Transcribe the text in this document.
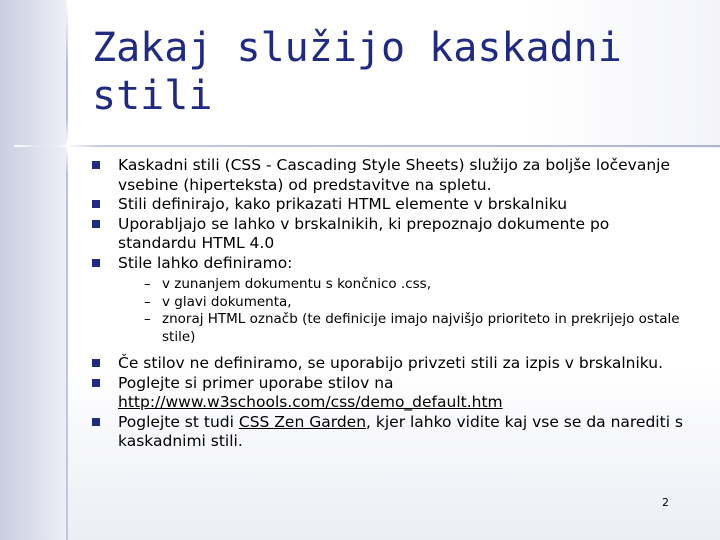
Zakaj služijo kaskadni stili
Kaskadni stili (CSS - Cascading Style Sheets) služijo za boljše ločevanje vsebine (hiperteksta) od predstavitve na spletu.
Stili definirajo, kako prikazati HTML elemente v brskalniku
Uporabljajo se lahko v brskalnikih, ki prepoznajo dokumente po standardu HTML 4.0
Stile lahko definiramo:
– v zunanjem dokumentu s končnico .css,
– v glavi dokumenta,
– znoraj HTML označb (te definicije imajo najvišjo prioriteto in prekrijejo ostale stile)
Če stilov ne definiramo, se uporabijo privzeti stili za izpis v brskalniku.
Poglejte si primer uporabe stilov na
http://www.w3schools.com/css/demo_default.htm
Poglejte st tudi CSS Zen Garden, kjer lahko vidite kaj vse se da narediti s kaskadnimi stili.
2
